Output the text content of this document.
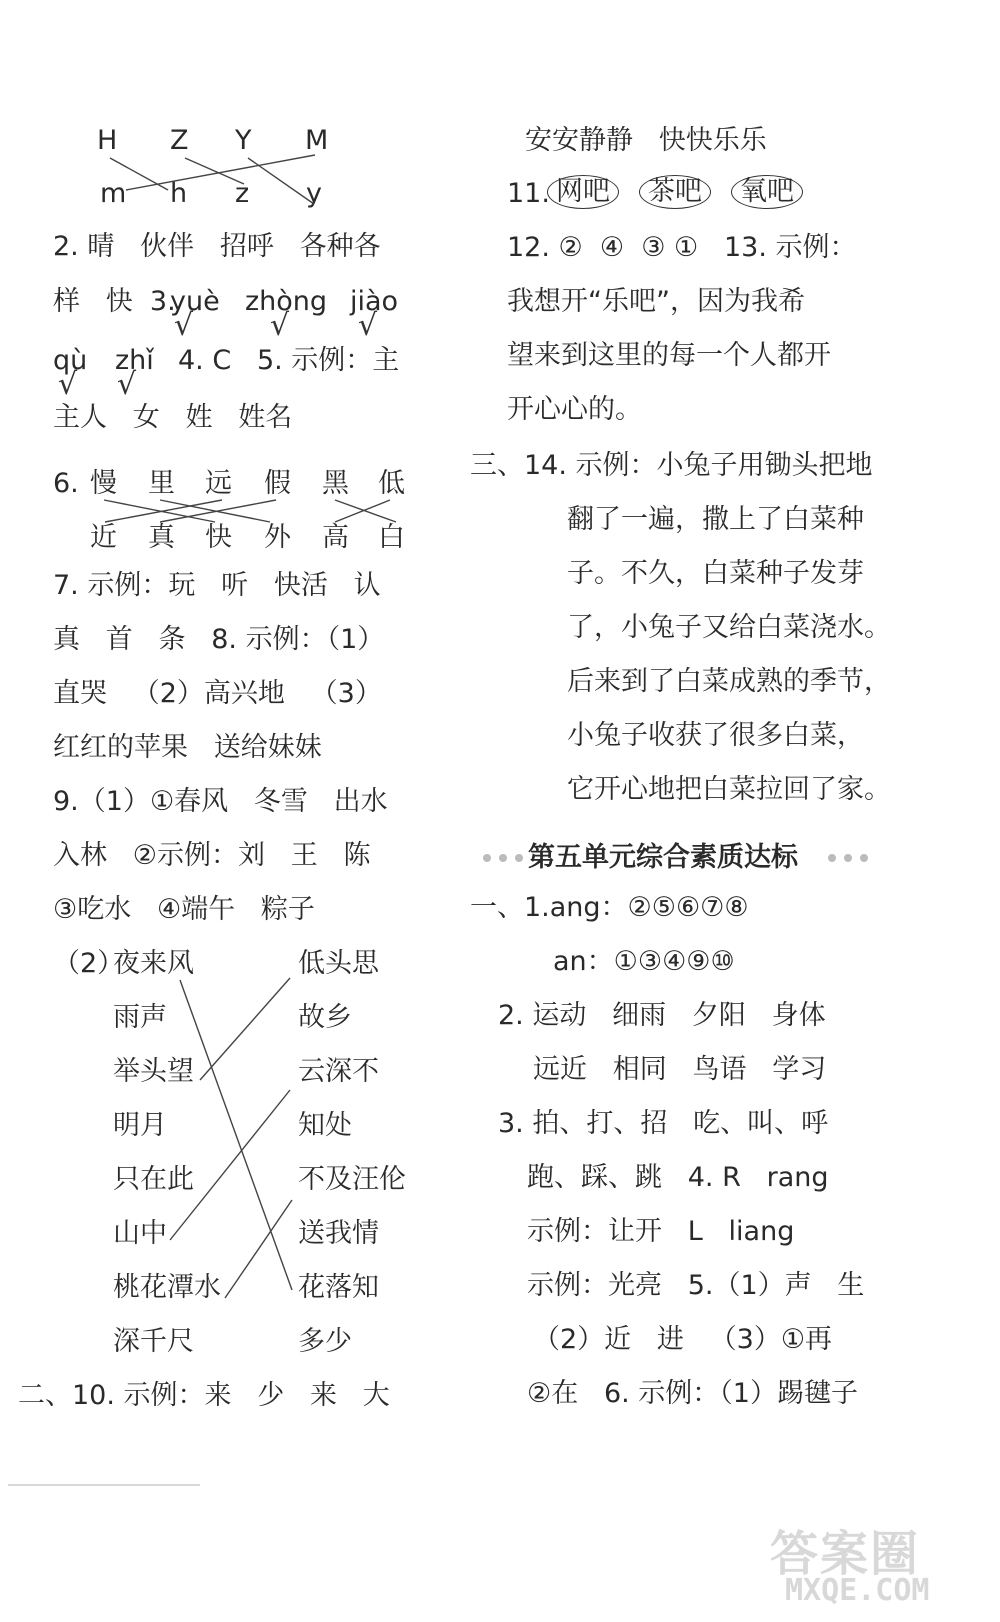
H Z Y M
m h z y
2. 晴   伙伴   招呼   各种各
样   快  3.
yuè zhòng jiào
√	√ √
qù zhǐ 4. C   5. 示例：主
√ √
主人   女   姓   姓名
6. 慢 里 远 假 黑 低
近 真 快 外 高 白
7. 示例：玩   听   快活   认
真   首   条   8. 示例：（1）
直哭   （2）高兴地   （3）
红红的苹果   送给妹妹
9.（1）①春风   冬雪   出水
入林   ②示例：刘   王   陈
③吃水   ④端午   粽子
（2）
夜来风
雨声
举头望
明月
只在此
山中
桃花潭水
深千尺
低头思
故乡
云深不
知处
不及汪伦
送我情
花落知
多少
二、10. 示例：来   少   来   大
安安静静   快快乐乐
11. 网吧 茶吧 氧吧
12. ②  ④  ③ ①   13. 示例：
我想开“乐吧”，因为我希
望来到这里的每一个人都开
开心心的。
三、14. 示例：小兔子用锄头把地
翻了一遍，撒上了白菜种
子。不久，白菜种子发芽
了，小兔子又给白菜浇水。
后来到了白菜成熟的季节，
小兔子收获了很多白菜，
它开心地把白菜拉回了家。
第五单元综合素质达标
一、1.ang：②⑤⑥⑦⑧
an：①③④⑨⑩
2. 运动   细雨   夕阳   身体
远近   相同   鸟语   学习
3. 拍、打、招   吃、叫、呼
跑、踩、跳   4. R   rang
示例：让开   L   liang
示例：光亮   5.（1）声   生
（2）近   进   （3）①再
②在   6. 示例：（1）踢毽子
答案圈
MXQE.COM
